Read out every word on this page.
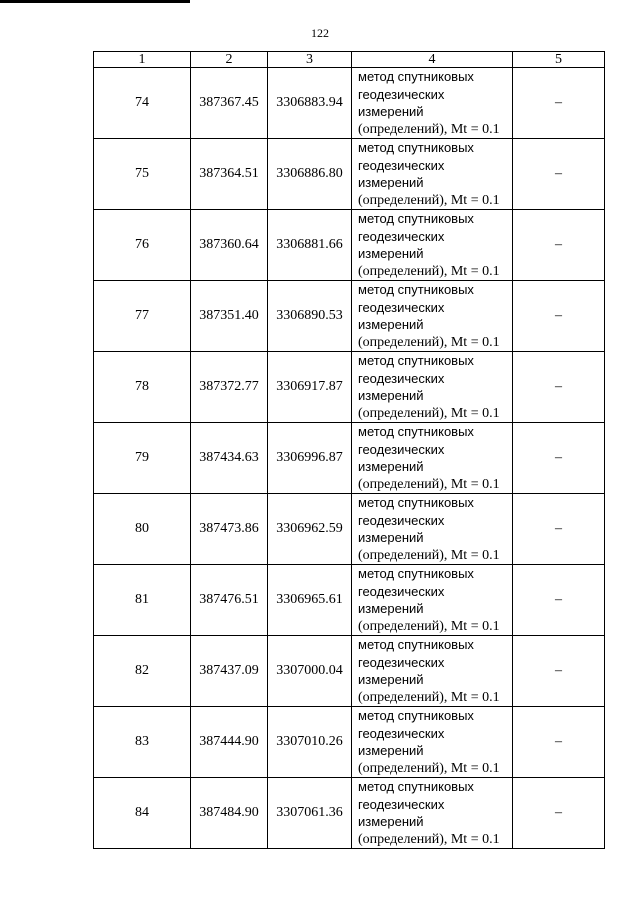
122
1	2	3	4	5
74	387367.45	3306883.94	метод спутниковых
геодезических
измерений
(определений), Mt = 0.1	–
75	387364.51	3306886.80	метод спутниковых
геодезических
измерений
(определений), Mt = 0.1	–
76	387360.64	3306881.66	метод спутниковых
геодезических
измерений
(определений), Mt = 0.1	–
77	387351.40	3306890.53	метод спутниковых
геодезических
измерений
(определений), Mt = 0.1	–
78	387372.77	3306917.87	метод спутниковых
геодезических
измерений
(определений), Mt = 0.1	–
79	387434.63	3306996.87	метод спутниковых
геодезических
измерений
(определений), Mt = 0.1	–
80	387473.86	3306962.59	метод спутниковых
геодезических
измерений
(определений), Mt = 0.1	–
81	387476.51	3306965.61	метод спутниковых
геодезических
измерений
(определений), Mt = 0.1	–
82	387437.09	3307000.04	метод спутниковых
геодезических
измерений
(определений), Mt = 0.1	–
83	387444.90	3307010.26	метод спутниковых
геодезических
измерений
(определений), Mt = 0.1	–
84	387484.90	3307061.36	метод спутниковых
геодезических
измерений
(определений), Mt = 0.1	–
